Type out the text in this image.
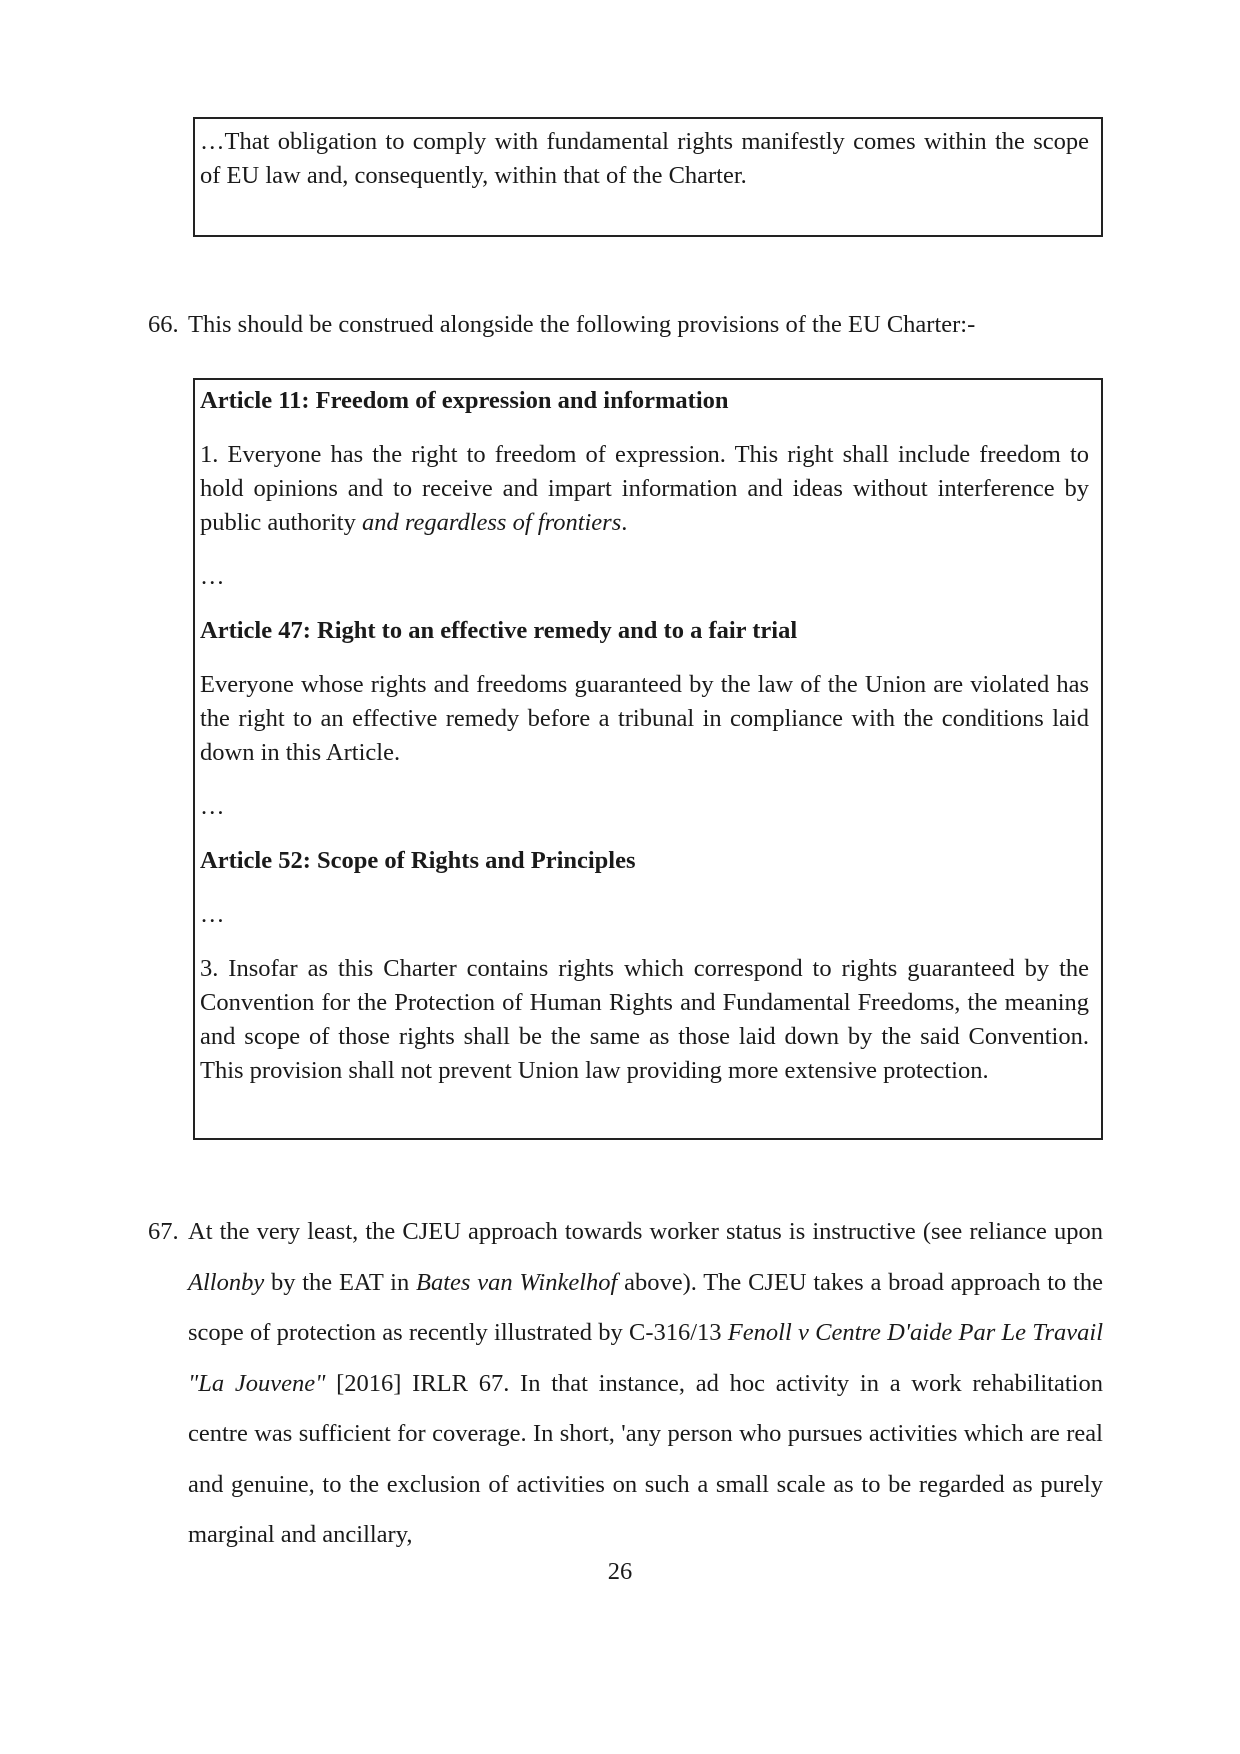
…That obligation to comply with fundamental rights manifestly comes within the scope of EU law and, consequently, within that of the Charter.

66. This should be construed alongside the following provisions of the EU Charter:-

Article 11: Freedom of expression and information

1. Everyone has the right to freedom of expression. This right shall include freedom to hold opinions and to receive and impart information and ideas without interference by public authority and regardless of frontiers.

…

Article 47: Right to an effective remedy and to a fair trial

Everyone whose rights and freedoms guaranteed by the law of the Union are violated has the right to an effective remedy before a tribunal in compliance with the conditions laid down in this Article.

…

Article 52: Scope of Rights and Principles

…

3. Insofar as this Charter contains rights which correspond to rights guaranteed by the Convention for the Protection of Human Rights and Fundamental Freedoms, the meaning and scope of those rights shall be the same as those laid down by the said Convention. This provision shall not prevent Union law providing more extensive protection.

67. At the very least, the CJEU approach towards worker status is instructive (see reliance upon Allonby by the EAT in Bates van Winkelhof above). The CJEU takes a broad approach to the scope of protection as recently illustrated by C-316/13 Fenoll v Centre D'aide Par Le Travail "La Jouvene" [2016] IRLR 67. In that instance, ad hoc activity in a work rehabilitation centre was sufficient for coverage. In short, 'any person who pursues activities which are real and genuine, to the exclusion of activities on such a small scale as to be regarded as purely marginal and ancillary,
26
